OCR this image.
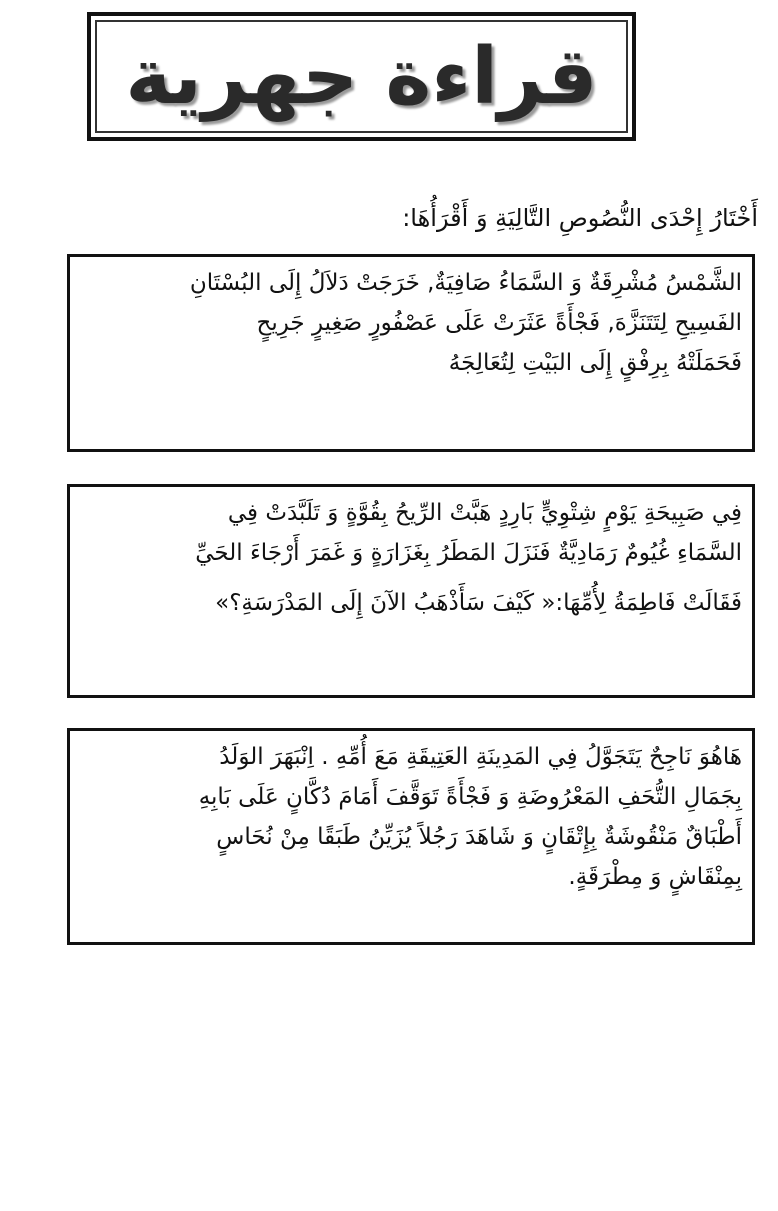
قراءة جهرية
أَخْتَارُ إِحْدَى النُّصُوصِ التَّالِيَةِ وَ أَقْرَأُهَا:

الشَّمْسُ مُشْرِقَةٌ وَ السَّمَاءُ صَافِيَةٌ, خَرَجَتْ دَلاَلُ إِلَى البُسْتَانِ

الفَسِيحِ لِتَتَنَزَّهَ, فَجْأَةً عَثَرَتْ عَلَى عَصْفُورٍ صَغِيرٍ جَرِيحٍ

فَحَمَلَتْهُ بِرِفْقٍ إِلَى البَيْتِ لِتُعَالِجَهُ

فِي صَبِيحَةِ يَوْمٍ شِتْوِيٍّ بَارِدٍ هَبَّتْ الرِّيحُ بِقُوَّةٍ وَ تَلَبَّدَتْ فِي

السَّمَاءِ غُيُومٌ رَمَادِيَّةٌ فَنَزَلَ المَطَرُ بِغَزَارَةٍ وَ غَمَرَ أَرْجَاءَ الحَيِّ

فَقَالَتْ فَاطِمَةُ لِأُمِّهَا:« كَيْفَ سَأَذْهَبُ الآنَ إِلَى المَدْرَسَةِ؟»

هَاهُوَ نَاجِحٌ يَتَجَوَّلُ فِي المَدِينَةِ العَتِيقَةِ مَعَ أُمِّهِ . اِنْبَهَرَ الوَلَدُ

بِجَمَالِ التُّحَفِ المَعْرُوضَةِ وَ فَجْأَةً تَوَقَّفَ أَمَامَ دُكَّانٍ عَلَى بَابِهِ

أَطْبَاقٌ مَنْقُوشَةٌ بِإِتْقَانٍ وَ شَاهَدَ رَجُلاً يُزَيِّنُ طَبَقًا مِنْ نُحَاسٍ

بِمِنْقَاشٍ وَ مِطْرَقَةٍ.
